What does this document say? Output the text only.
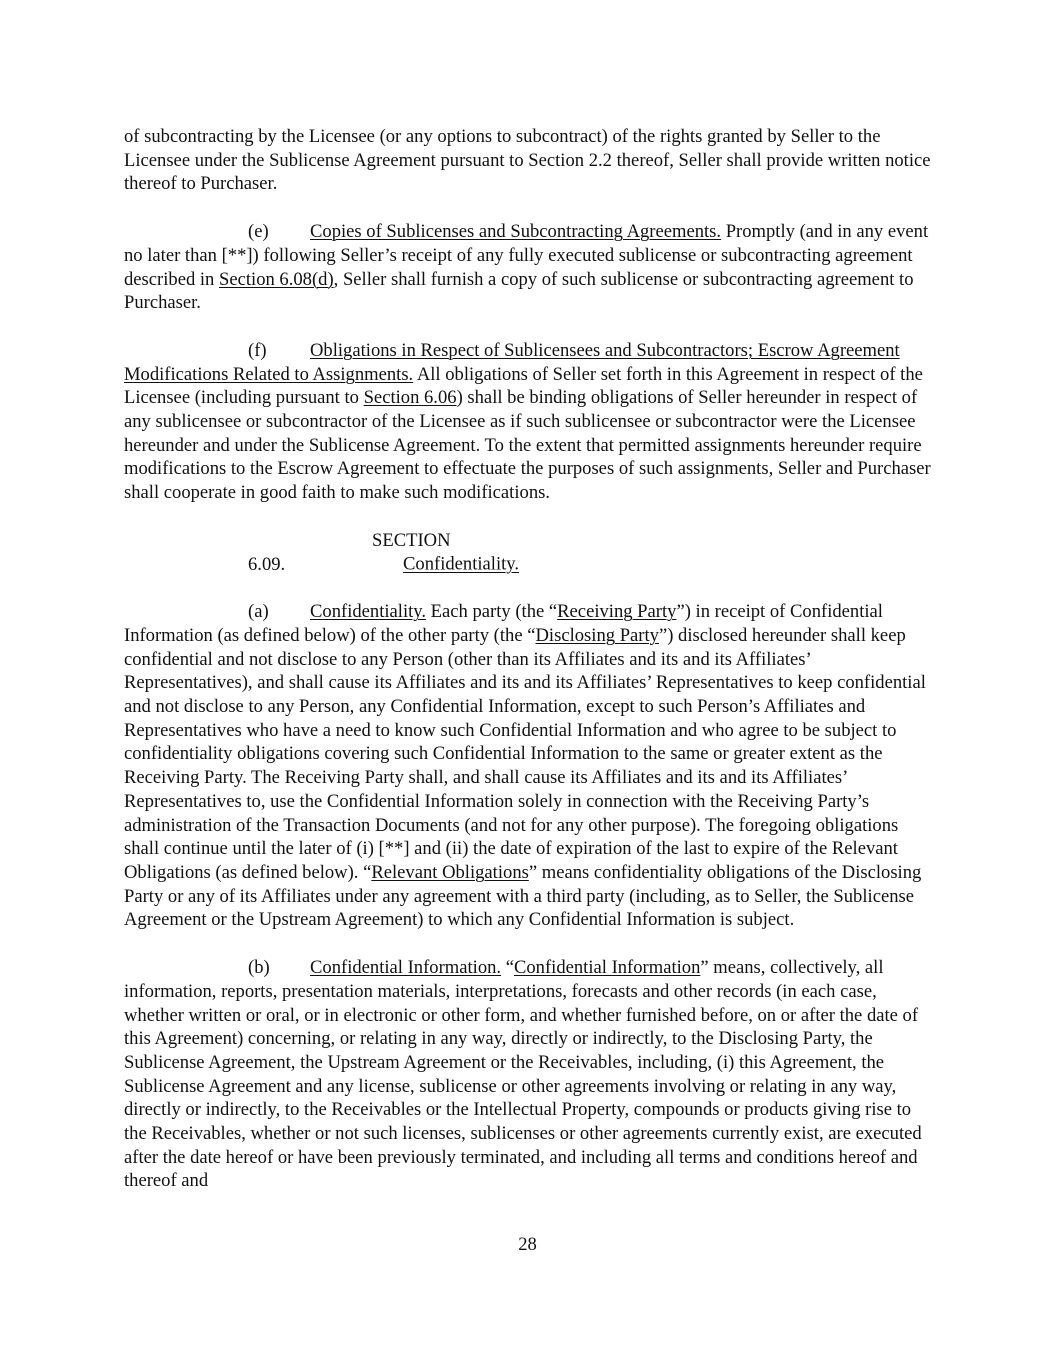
of subcontracting by the Licensee (or any options to subcontract) of the rights granted by Seller to the Licensee under the Sublicense Agreement pursuant to Section 2.2 thereof, Seller shall provide written notice thereof to Purchaser.

(e) Copies of Sublicenses and Subcontracting Agreements. Promptly (and in any event no later than [**]) following Seller’s receipt of any fully executed sublicense or subcontracting agreement described in Section 6.08(d), Seller shall furnish a copy of such sublicense or subcontracting agreement to Purchaser.

(f) Obligations in Respect of Sublicensees and Subcontractors; Escrow Agreement Modifications Related to Assignments. All obligations of Seller set forth in this Agreement in respect of the Licensee (including pursuant to Section 6.06) shall be binding obligations of Seller hereunder in respect of any sublicensee or subcontractor of the Licensee as if such sublicensee or subcontractor were the Licensee hereunder and under the Sublicense Agreement. To the extent that permitted assignments hereunder require modifications to the Escrow Agreement to effectuate the purposes of such assignments, Seller and Purchaser shall cooperate in good faith to make such modifications.

SECTION 6.09.	Confidentiality.

(a) Confidentiality. Each party (the “Receiving Party”) in receipt of Confidential Information (as defined below) of the other party (the “Disclosing Party”) disclosed hereunder shall keep confidential and not disclose to any Person (other than its Affiliates and its and its Affiliates’ Representatives), and shall cause its Affiliates and its and its Affiliates’ Representatives to keep confidential and not disclose to any Person, any Confidential Information, except to such Person’s Affiliates and Representatives who have a need to know such Confidential Information and who agree to be subject to confidentiality obligations covering such Confidential Information to the same or greater extent as the Receiving Party. The Receiving Party shall, and shall cause its Affiliates and its and its Affiliates’ Representatives to, use the Confidential Information solely in connection with the Receiving Party’s administration of the Transaction Documents (and not for any other purpose). The foregoing obligations shall continue until the later of (i) [**] and (ii) the date of expiration of the last to expire of the Relevant Obligations (as defined below). “Relevant Obligations” means confidentiality obligations of the Disclosing Party or any of its Affiliates under any agreement with a third party (including, as to Seller, the Sublicense Agreement or the Upstream Agreement) to which any Confidential Information is subject.

(b) Confidential Information. “Confidential Information” means, collectively, all information, reports, presentation materials, interpretations, forecasts and other records (in each case, whether written or oral, or in electronic or other form, and whether furnished before, on or after the date of this Agreement) concerning, or relating in any way, directly or indirectly, to the Disclosing Party, the Sublicense Agreement, the Upstream Agreement or the Receivables, including, (i) this Agreement, the Sublicense Agreement and any license, sublicense or other agreements involving or relating in any way, directly or indirectly, to the Receivables or the Intellectual Property, compounds or products giving rise to the Receivables, whether or not such licenses, sublicenses or other agreements currently exist, are executed after the date hereof or have been previously terminated, and including all terms and conditions hereof and thereof and

28
